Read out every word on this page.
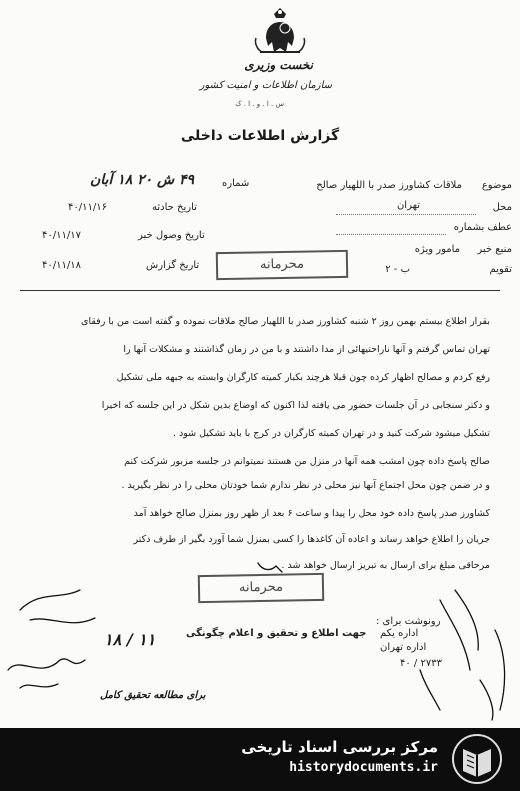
نخست وزیری
سازمان اطلاعات و امنیت کشور
س . ا . و . ا . ک
گزارش اطلاعات داخلی
موضوع
ملاقات کشاورز صدر با اللهیار صالح
محل
تهران
عطف بشماره
منبع خبر
مامور ویژه
تقویم
ب - ۲
شماره
۴۹ ش ۲۰ ۱۸ آبان
تاریخ حادثه
۴۰/۱۱/۱۶
تاریخ وصول خبر
۴۰/۱۱/۱۷
تاریخ گزارش
۴۰/۱۱/۱۸	محرمانه
بقرار اطلاع بیستم بهمن روز ۲ شنبه کشاورز صدر با اللهیار صالح ملاقات نموده و گفته است من با رفقای
تهران تماس گرفتم و آنها ناراحتیهائی از مدا داشتند و با من در زمان گذاشتند و مشکلات آنها را
رفع کردم و مصالح اظهار کرده چون قبلا هرچند بکبار کمیته کارگران وابسته به جبهه ملی تشکیل
و دکتر سنجابی در آن جلسات حضور می یافته لذا اکنون که اوضاع بدین شکل در این جلسه که اخیرا
تشکیل میشود شرکت کنید و در تهران کمیته کارگران در کرج با باید تشکیل شود .
صالح پاسخ داده چون امشب همه آنها در منزل من هستند نمیتوانم در جلسه مزبور شرکت کنم
و در ضمن چون محل اجتماع آنها نیز محلی در نظر ندارم شما خودتان محلی را در نظر بگیرید .
کشاورز صدر پاسخ داده خود محل را پیدا و ساعت ۶ بعد از ظهر روز بمنزل صالح خواهد آمد
جریان را اطلاع خواهد رساند و اعاده آن کاغذها را کسی بمنزل شما آورد بگیر از طرف دکتر
مرحاقی مبلغ برای ارسال به تبریز ارسال خواهد شد .
محرمانه
رونوشت برای :
اداره یکم
اداره تهران
۴۰ / ۲۷۳۳
جهت اطلاع و تحقیق و اعلام چگونگی
۱۸ / ۱۱
برای مطالعه تحقیق کامل
مرکز بررسی اسناد تاریخی
historydocuments.ir
